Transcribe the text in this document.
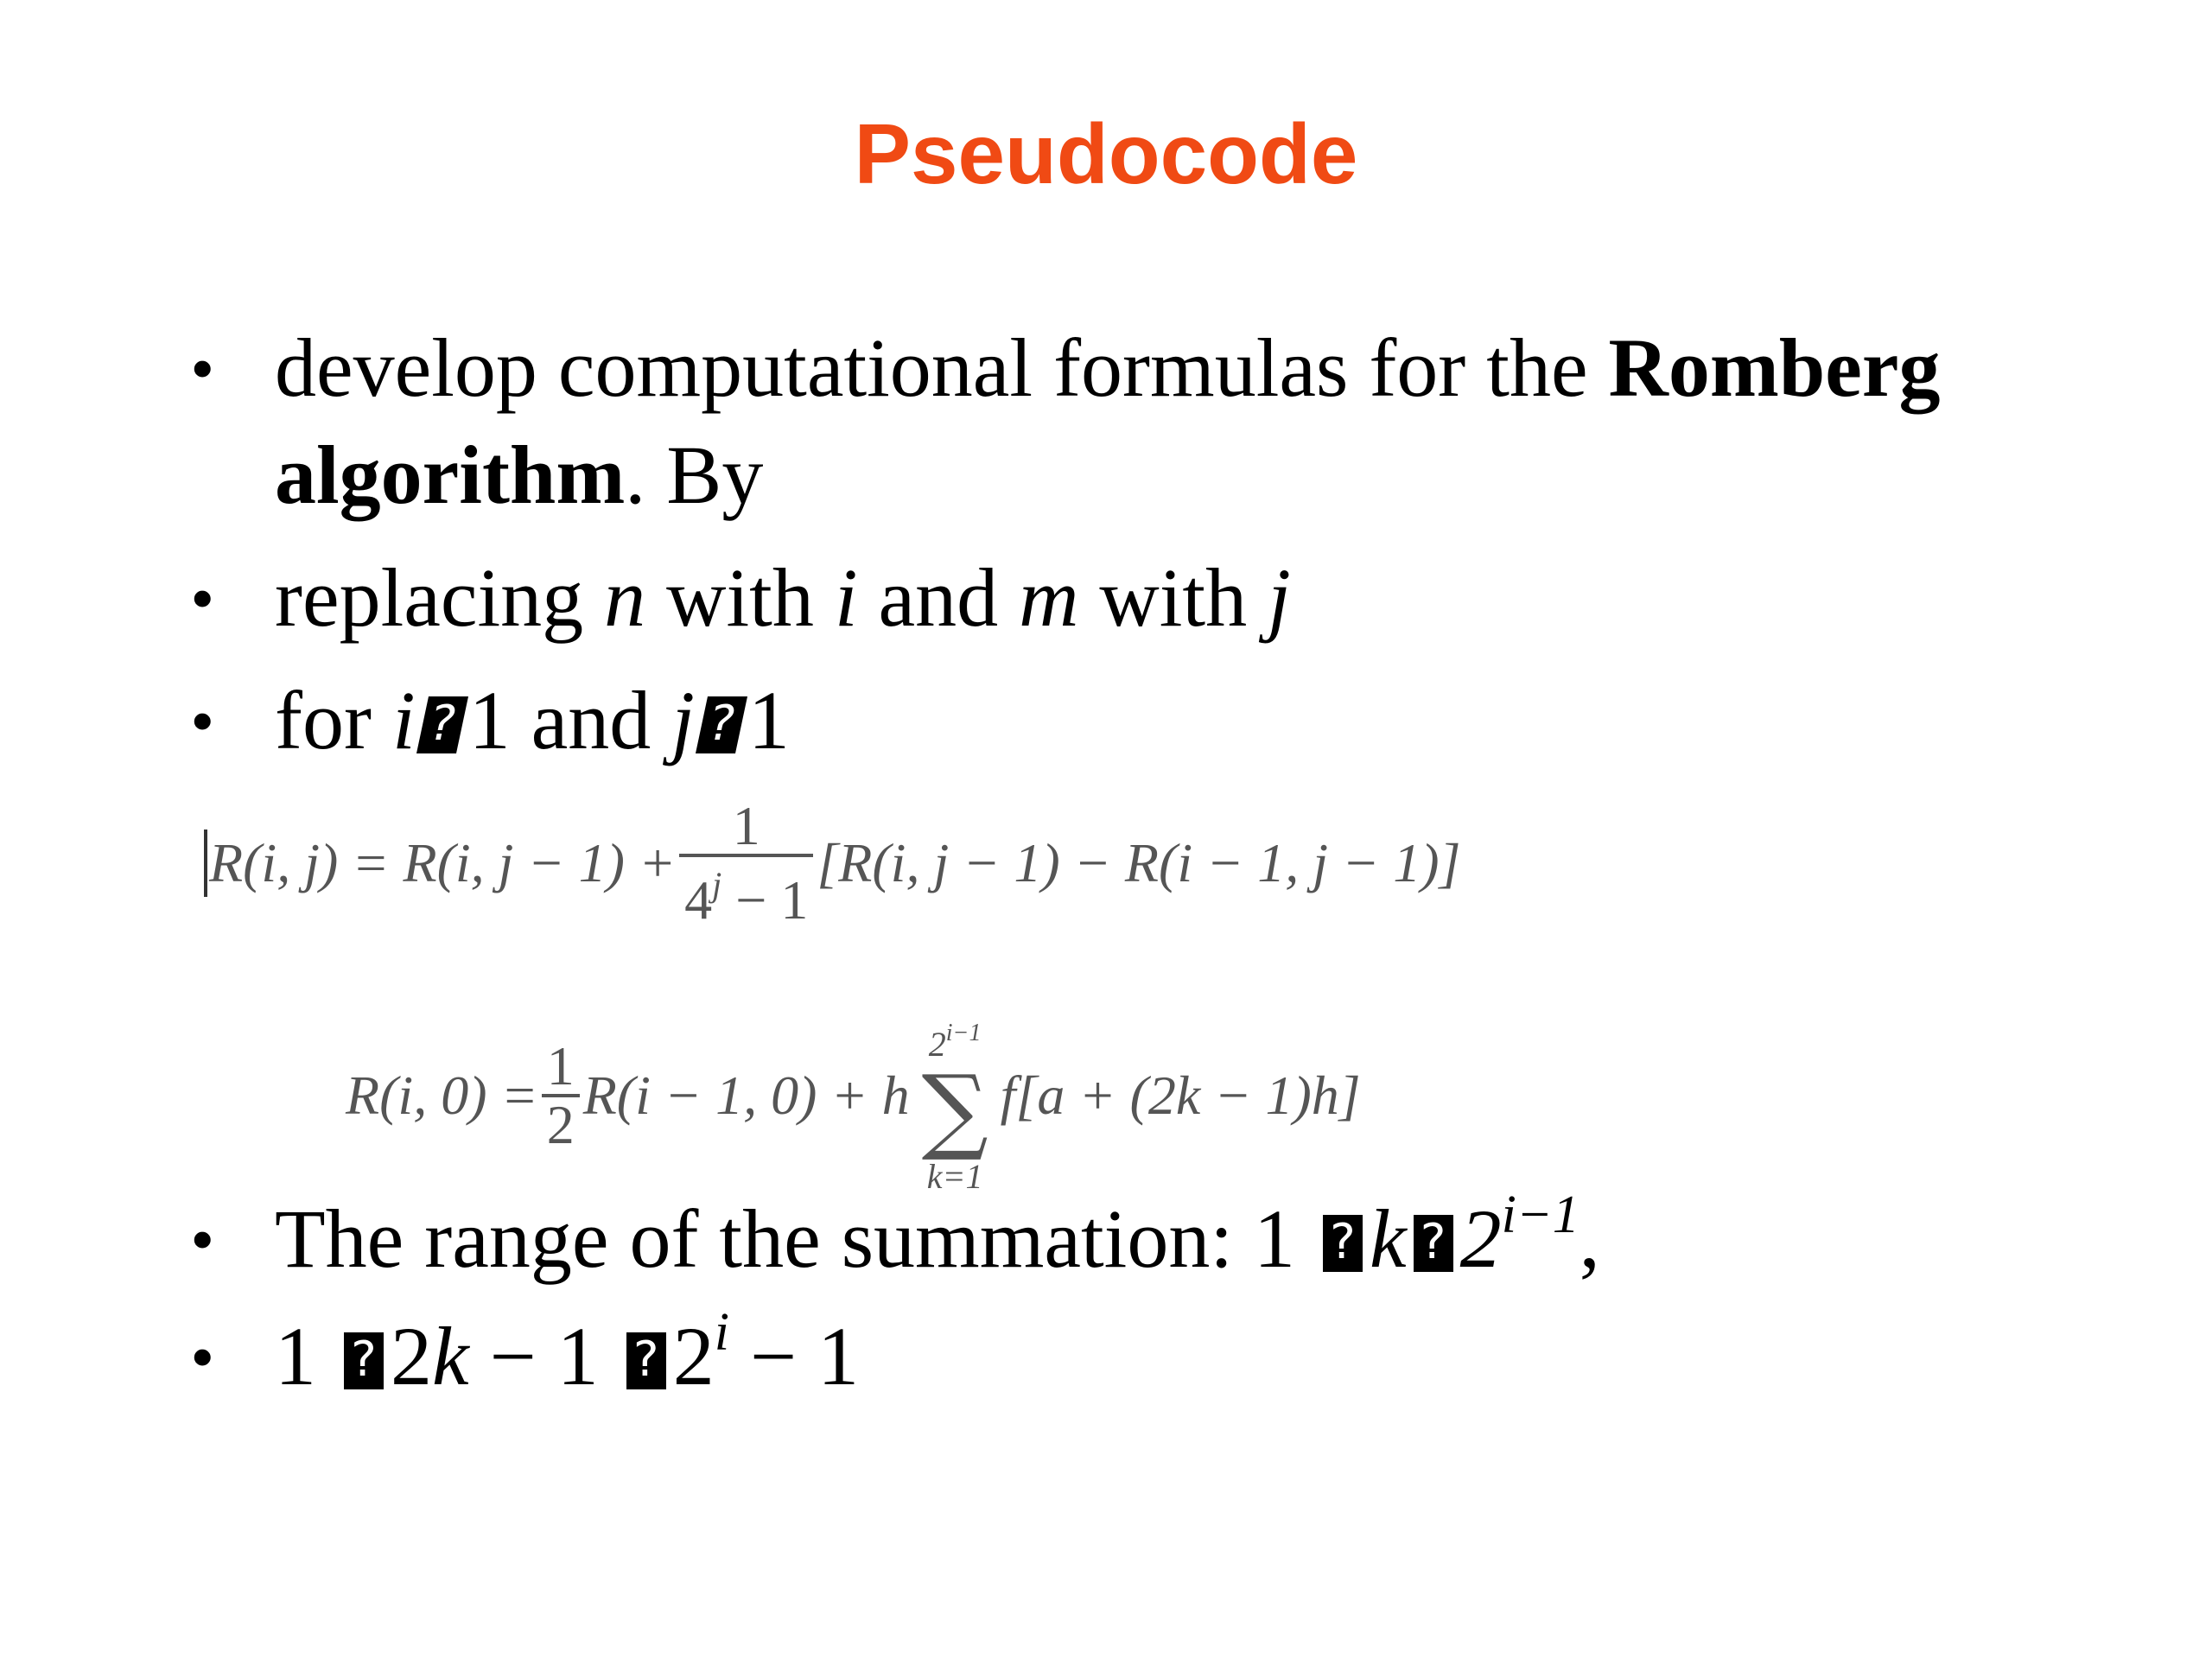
Pseudocode
• develop computational formulas for the Romberg algorithm. By
• replacing n with i and m with j
• for i ?1 and j ?1
R(i, j) = R(i, $j - 1) + \frac{1}{4^j - 1} [R(i$, j − 1) − R(i − 1, j − 1)]
R(i, $0) = \frac{1}{2} R(i - 1$, 0) + h
$2^{i-1}$
∑
k=1
f[a + (2k − 1)h]
• The range of the summation: 1 ? k ? $2^{i-1}$,
• 1 ? 2k − 1 ? $2^i - 1$
